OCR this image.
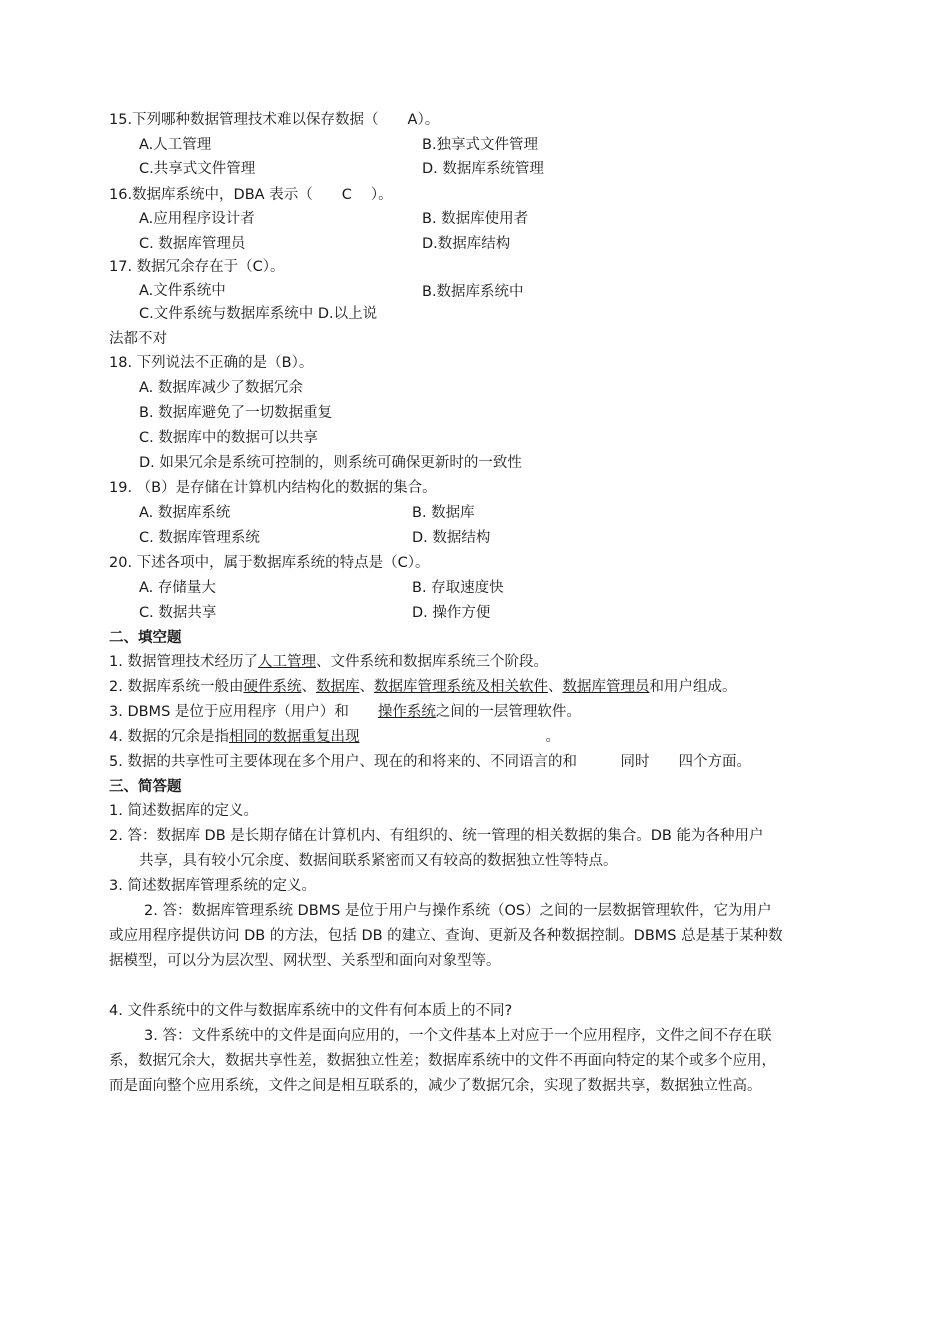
15.下列哪种数据管理技术难以保存数据（　　A）。
A.人工管理	B.独享式文件管理
C.共享式文件管理	D. 数据库系统管理
16.数据库系统中，DBA 表示（　　C　 ）。
A.应用程序设计者	B. 数据库使用者
C. 数据库管理员	D.数据库结构
17. 数据冗余存在于（C）。
A.文件系统中	B.数据库系统中
C.文件系统与数据库系统中 D.以上说
法都不对
18. 下列说法不正确的是（B）。
A. 数据库减少了数据冗余
B. 数据库避免了一切数据重复
C. 数据库中的数据可以共享
D. 如果冗余是系统可控制的，则系统可确保更新时的一致性
19. （B）是存储在计算机内结构化的数据的集合。
A. 数据库系统	B. 数据库
C. 数据库管理系统	D. 数据结构
20. 下述各项中，属于数据库系统的特点是（C）。
A. 存储量大	B. 存取速度快
C. 数据共享	D. 操作方便
二、填空题
1. 数据管理技术经历了人工管理、文件系统和数据库系统三个阶段。
2. 数据库系统一般由硬件系统、数据库、数据库管理系统及相关软件、数据库管理员和用户组成。
3. DBMS 是位于应用程序（用户）和　　操作系统之间的一层管理软件。
4. 数据的冗余是指相同的数据重复出现	。
5. 数据的共享性可主要体现在多个用户、现在的和将来的、不同语言的和　　　同时　　四个方面。
三、简答题
1. 简述数据库的定义。
2. 答：数据库 DB 是长期存储在计算机内、有组织的、统一管理的相关数据的集合。DB 能为各种用户
共享，具有较小冗余度、数据间联系紧密而又有较高的数据独立性等特点。
3. 简述数据库管理系统的定义。
2. 答：数据库管理系统 DBMS 是位于用户与操作系统（OS）之间的一层数据管理软件，它为用户
或应用程序提供访问 DB 的方法，包括 DB 的建立、查询、更新及各种数据控制。DBMS 总是基于某种数
据模型，可以分为层次型、网状型、关系型和面向对象型等。
4. 文件系统中的文件与数据库系统中的文件有何本质上的不同?
3. 答：文件系统中的文件是面向应用的，一个文件基本上对应于一个应用程序，文件之间不存在联
系，数据冗余大，数据共享性差，数据独立性差；数据库系统中的文件不再面向特定的某个或多个应用，
而是面向整个应用系统，文件之间是相互联系的，减少了数据冗余，实现了数据共享，数据独立性高。
